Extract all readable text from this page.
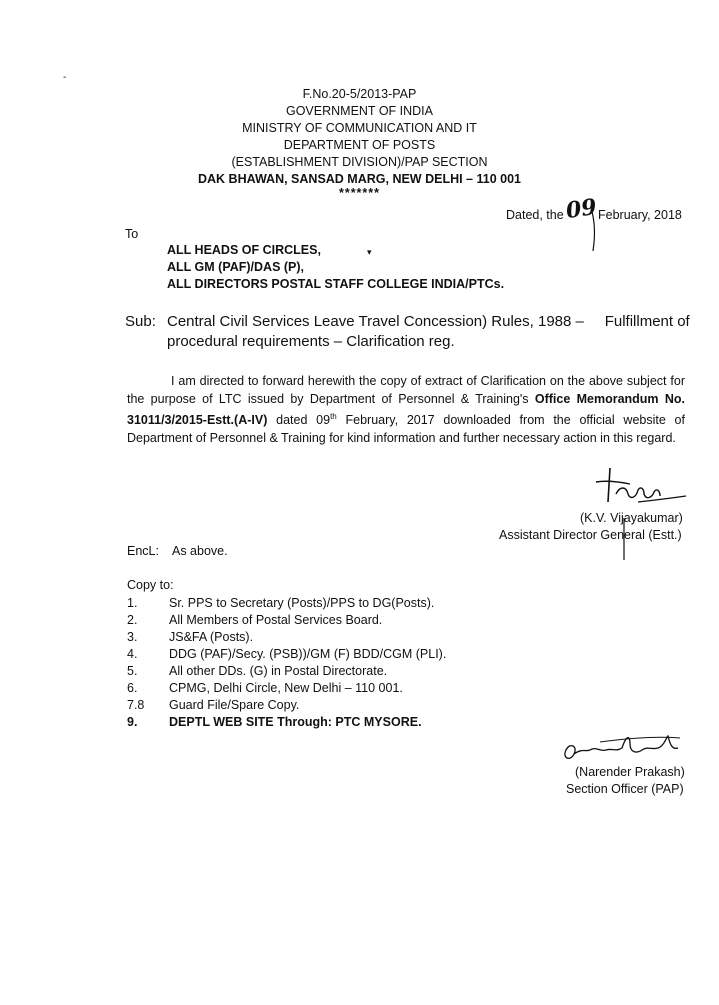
-
F.No.20-5/2013-PAP
GOVERNMENT OF INDIA
MINISTRY OF COMMUNICATION AND IT
DEPARTMENT OF POSTS
(ESTABLISHMENT DIVISION)/PAP SECTION
DAK BHAWAN, SANSAD MARG, NEW DELHI – 110 001
*******
Dated, the 09 February, 2018
To
ALL HEADS OF CIRCLES,	▾
ALL GM (PAF)/DAS (P),
ALL DIRECTORS POSTAL STAFF COLLEGE INDIA/PTCs.
Sub: Central Civil Services Leave Travel Concession) Rules, 1988 –     Fulfillment of
procedural requirements – Clarification reg.
I am directed to forward herewith the copy of extract of Clarification on the above subject for the purpose of LTC issued by Department of Personnel & Training's Office Memorandum No. 31011/3/2015-Estt.(A-IV) dated 09th February, 2017 downloaded from the official website of Department of Personnel & Training for kind information and further necessary action in this regard.
(K.V. Vijayakumar)
Assistant Director General (Estt.)
EncL: As above.
Copy to:
1.	Sr. PPS to Secretary (Posts)/PPS to DG(Posts).
2.	All Members of Postal Services Board.
3.	JS&FA (Posts).
4.	DDG (PAF)/Secy. (PSB))/GM (F) BDD/CGM (PLI).
5.	All other DDs. (G) in Postal Directorate.
6.	CPMG, Delhi Circle, New Delhi – 110 001.
7.8 Guard File/Spare Copy.
9.	DEPTL WEB SITE Through: PTC MYSORE.
(Narender Prakash)
Section Officer (PAP)
